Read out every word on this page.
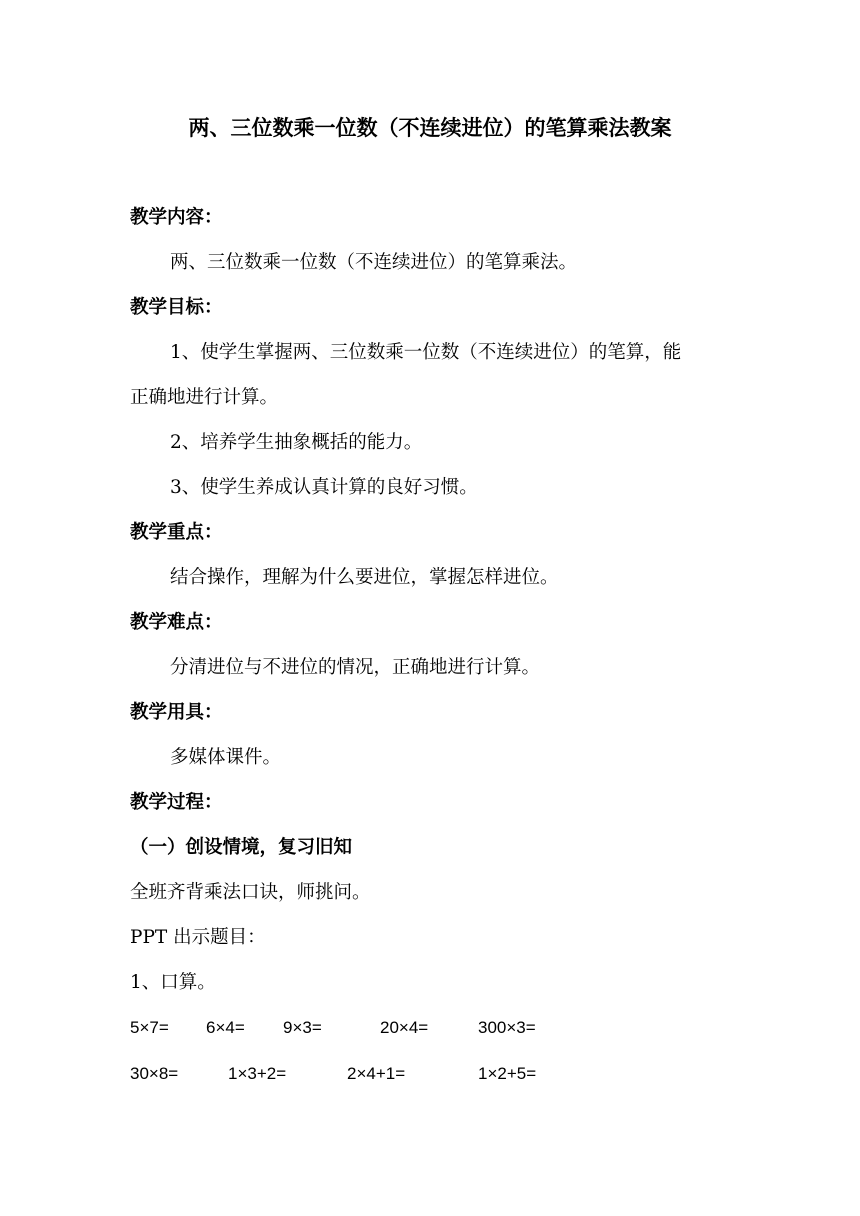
两、三位数乘一位数（不连续进位）的笔算乘法教案
教学内容：
两、三位数乘一位数（不连续进位）的笔算乘法。
教学目标：
1、使学生掌握两、三位数乘一位数（不连续进位）的笔算，能
正确地进行计算。
2、培养学生抽象概括的能力。
3、使学生养成认真计算的良好习惯。
教学重点：
结合操作，理解为什么要进位，掌握怎样进位。
教学难点：
分清进位与不进位的情况，正确地进行计算。
教学用具：
多媒体课件。
教学过程：
（一）创设情境，复习旧知
全班齐背乘法口诀，师挑问。
PPT 出示题目：
1、口算。
5×7= 6×4= 9×3=	20×4=	300×3=
30×8=	1×3+2=	2×4+1=	1×2+5=
